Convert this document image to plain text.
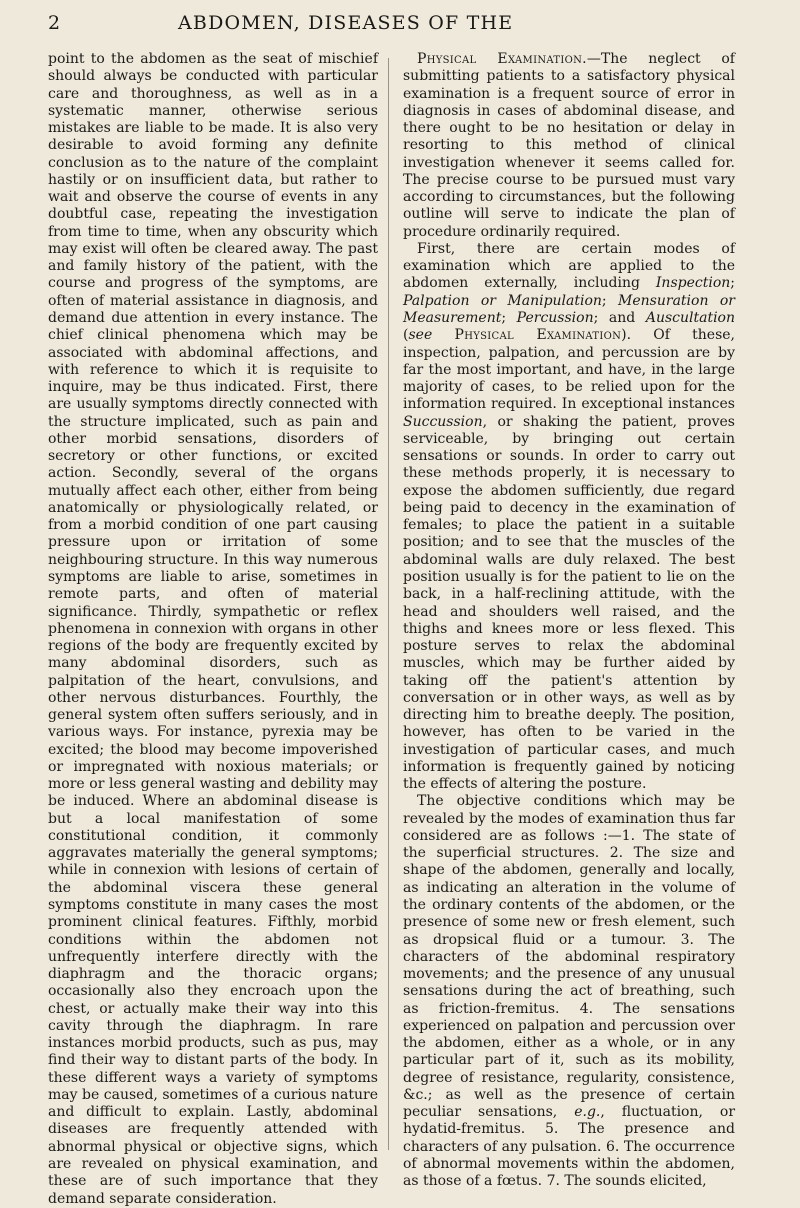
2	ABDOMEN, DISEASES OF THE

point to the abdomen as the seat of mischief should always be conducted with particular care and thoroughness, as well as in a systematic manner, otherwise serious mistakes are liable to be made. It is also very desirable to avoid forming any definite conclusion as to the nature of the complaint hastily or on insufficient data, but rather to wait and observe the course of events in any doubtful case, repeating the investigation from time to time, when any obscurity which may exist will often be cleared away. The past and family history of the patient, with the course and progress of the symptoms, are often of material assistance in diagnosis, and demand due attention in every instance. The chief clinical phenomena which may be associated with abdominal affections, and with reference to which it is requisite to inquire, may be thus indicated. First, there are usually symptoms directly connected with the structure implicated, such as pain and other morbid sensations, disorders of secretory or other functions, or excited action. Secondly, several of the organs mutually affect each other, either from being anatomically or physiologically related, or from a morbid condition of one part causing pressure upon or irritation of some neighbouring structure. In this way numerous symptoms are liable to arise, sometimes in remote parts, and often of material significance. Thirdly, sympathetic or reflex phenomena in connexion with organs in other regions of the body are frequently excited by many abdominal disorders, such as palpitation of the heart, convulsions, and other nervous disturbances. Fourthly, the general system often suffers seriously, and in various ways. For instance, pyrexia may be excited; the blood may become impoverished or impregnated with noxious materials; or more or less general wasting and debility may be induced. Where an abdominal disease is but a local manifestation of some constitutional condition, it commonly aggravates materially the general symptoms; while in connexion with lesions of certain of the abdominal viscera these general symptoms constitute in many cases the most prominent clinical features. Fifthly, morbid conditions within the abdomen not unfrequently interfere directly with the diaphragm and the thoracic organs; occasionally also they encroach upon the chest, or actually make their way into this cavity through the diaphragm. In rare instances morbid products, such as pus, may find their way to distant parts of the body. In these different ways a variety of symptoms may be caused, sometimes of a curious nature and difficult to explain. Lastly, abdominal diseases are frequently attended with abnormal physical or objective signs, which are revealed on physical examination, and these are of such importance that they demand separate consideration.

Physical Examination.—The neglect of submitting patients to a satisfactory physical examination is a frequent source of error in diagnosis in cases of abdominal disease, and there ought to be no hesitation or delay in resorting to this method of clinical investigation whenever it seems called for. The precise course to be pursued must vary according to circumstances, but the following outline will serve to indicate the plan of procedure ordinarily required.

First, there are certain modes of examination which are applied to the abdomen externally, including Inspection; Palpation or Manipulation; Mensuration or Measurement; Percussion; and Auscultation (see Physical Examination). Of these, inspection, palpation, and percussion are by far the most important, and have, in the large majority of cases, to be relied upon for the information required. In exceptional instances Succussion, or shaking the patient, proves serviceable, by bringing out certain sensations or sounds. In order to carry out these methods properly, it is necessary to expose the abdomen sufficiently, due regard being paid to decency in the examination of females; to place the patient in a suitable position; and to see that the muscles of the abdominal walls are duly relaxed. The best position usually is for the patient to lie on the back, in a half-reclining attitude, with the head and shoulders well raised, and the thighs and knees more or less flexed. This posture serves to relax the abdominal muscles, which may be further aided by taking off the patient's attention by conversation or in other ways, as well as by directing him to breathe deeply. The position, however, has often to be varied in the investigation of particular cases, and much information is frequently gained by noticing the effects of altering the posture.

The objective conditions which may be revealed by the modes of examination thus far considered are as follows :—1. The state of the superficial structures. 2. The size and shape of the abdomen, generally and locally, as indicating an alteration in the volume of the ordinary contents of the abdomen, or the presence of some new or fresh element, such as dropsical fluid or a tumour. 3. The characters of the abdominal respiratory movements; and the presence of any unusual sensations during the act of breathing, such as friction-fremitus. 4. The sensations experienced on palpation and percussion over the abdomen, either as a whole, or in any particular part of it, such as its mobility, degree of resistance, regularity, consistence, &c.; as well as the presence of certain peculiar sensations, e.g., fluctuation, or hydatid-fremitus. 5. The presence and characters of any pulsation. 6. The occurrence of abnormal movements within the abdomen, as those of a fœtus. 7. The sounds elicited,
